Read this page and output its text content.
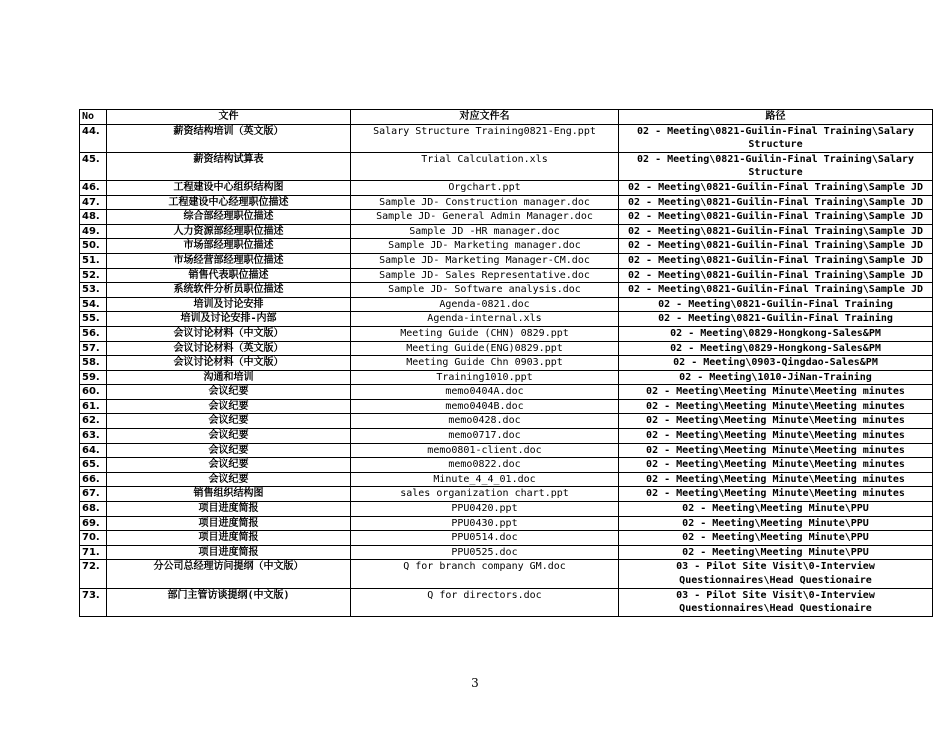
No	文件	对应文件名	路径
44.	薪资结构培训（英文版）	Salary Structure Training0821-Eng.ppt	02 - Meeting\0821-Guilin-Final Training\Salary Structure
45.	薪资结构试算表	Trial Calculation.xls	02 - Meeting\0821-Guilin-Final Training\Salary Structure
46.	工程建设中心组织结构图	Orgchart.ppt	02 - Meeting\0821-Guilin-Final Training\Sample JD
47.	工程建设中心经理职位描述	Sample JD- Construction manager.doc	02 - Meeting\0821-Guilin-Final Training\Sample JD
48.	综合部经理职位描述	Sample JD- General Admin Manager.doc	02 - Meeting\0821-Guilin-Final Training\Sample JD
49.	人力资源部经理职位描述	Sample JD -HR manager.doc	02 - Meeting\0821-Guilin-Final Training\Sample JD
50.	市场部经理职位描述	Sample JD- Marketing manager.doc	02 - Meeting\0821-Guilin-Final Training\Sample JD
51.	市场经营部经理职位描述	Sample JD- Marketing Manager-CM.doc	02 - Meeting\0821-Guilin-Final Training\Sample JD
52.	销售代表职位描述	Sample JD- Sales Representative.doc	02 - Meeting\0821-Guilin-Final Training\Sample JD
53.	系统软件分析员职位描述	Sample JD- Software analysis.doc	02 - Meeting\0821-Guilin-Final Training\Sample JD
54.	培训及讨论安排	Agenda-0821.doc	02 - Meeting\0821-Guilin-Final Training
55.	培训及讨论安排-内部	Agenda-internal.xls	02 - Meeting\0821-Guilin-Final Training
56.	会议讨论材料（中文版）	Meeting Guide (CHN) 0829.ppt	02 - Meeting\0829-Hongkong-Sales&PM
57.	会议讨论材料（英文版）	Meeting Guide(ENG)0829.ppt	02 - Meeting\0829-Hongkong-Sales&PM
58.	会议讨论材料（中文版）	Meeting Guide Chn 0903.ppt	02 - Meeting\0903-Qingdao-Sales&PM
59.	沟通和培训	Training1010.ppt	02 - Meeting\1010-JiNan-Training
60.	会议纪要	memo0404A.doc	02 - Meeting\Meeting Minute\Meeting minutes
61.	会议纪要	memo0404B.doc	02 - Meeting\Meeting Minute\Meeting minutes
62.	会议纪要	memo0428.doc	02 - Meeting\Meeting Minute\Meeting minutes
63.	会议纪要	memo0717.doc	02 - Meeting\Meeting Minute\Meeting minutes
64.	会议纪要	memo0801-client.doc	02 - Meeting\Meeting Minute\Meeting minutes
65.	会议纪要	memo0822.doc	02 - Meeting\Meeting Minute\Meeting minutes
66.	会议纪要	Minute_4_4_01.doc	02 - Meeting\Meeting Minute\Meeting minutes
67.	销售组织结构图	sales organization chart.ppt	02 - Meeting\Meeting Minute\Meeting minutes
68.	项目进度简报	PPU0420.ppt	02 - Meeting\Meeting Minute\PPU
69.	项目进度简报	PPU0430.ppt	02 - Meeting\Meeting Minute\PPU
70.	项目进度简报	PPU0514.doc	02 - Meeting\Meeting Minute\PPU
71.	项目进度简报	PPU0525.doc	02 - Meeting\Meeting Minute\PPU
72.	分公司总经理访问提纲（中文版）	Q for branch company GM.doc	03 - Pilot Site Visit\0-Interview Questionnaires\Head Questionaire
73.	部门主管访谈提纲(中文版)	Q for directors.doc	03 - Pilot Site Visit\0-Interview Questionnaires\Head Questionaire
3
